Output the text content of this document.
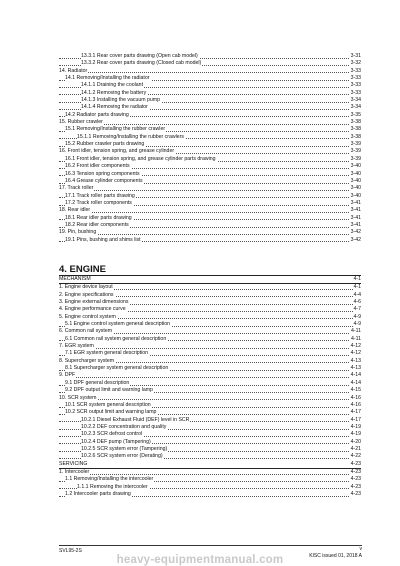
13.3.1 Rear cover parts drawing (Open cab model)	3-31
13.3.2 Rear cover parts drawing (Closed cab model)	3-32
14. Radiator	3-33
14.1 Removing/Installing the radiator	3-33
14.1.1 Draining the coolant	3-33
14.1.2 Removing the battery	3-33
14.1.3 Installing the vacuum pump	3-34
14.1.4 Removing the radiator	3-34
14.2 Radiator parts drawing	3-35
15. Rubber crawler	3-38
15.1 Removing/Installing the rubber crawler	3-38
15.1.1 Removing/Installing the rubber crawlers	3-38
15.2 Rubber crawler parts drawing	3-39
16. Front idler, tension spring, and grease cylinder	3-39
16.1 Front idler, tension spring, and grease cylinder parts drawing	3-39
16.2 Front idler components	3-40
16.3 Tension spring components	3-40
16.4 Grease cylinder components	3-40
17. Track roller	3-40
17.1 Track roller parts drawing	3-40
17.2 Track roller components	3-41
18. Rear idler	3-41
18.1 Rear idler parts drawing	3-41
18.2 Rear idler components	3-41
19. Pin, bushing	3-42
19.1 Pins, bushing and shims list	3-42
4. ENGINE
MECHANISM	4-1
1. Engine device layout	4-1
2. Engine specifications	4-4
3. Engine external dimensions	4-6
4. Engine performance curve	4-7
5. Engine control system	4-9
5.1 Engine control system general description	4-9
6. Common rail system	4-11
6.1 Common rail system general description	4-11
7. EGR system	4-12
7.1 EGR system general description	4-12
8. Supercharger system	4-13
8.1 Supercharger system general description	4-13
9. DPF	4-14
9.1 DPF general description	4-14
9.2 DPF output limit and warning lamp	4-15
10. SCR system	4-16
10.1 SCR system general description	4-16
10.2 SCR output limit and warning lamp	4-17
10.2.1 Diesel Exhaust Fluid (DEF) level in SCR	4-17
10.2.2 DEF concentration and quality	4-19
10.2.3 SCR defrost control	4-19
10.2.4 DEF pump (Tampering)	4-20
10.2.5 SCR system error (Tampering)	4-21
10.2.6 SCR system error (Derating)	4-22
SERVICING	4-23
1. Intercooler	4-23
1.1 Removing/Installing the intercooler	4-23
1.1.1 Removing the intercooler	4-23
1.2 Intercooler parts drawing	4-23
SVL95-2S	v
KISC issued 01, 2018 A
heavy-equipmentmanual.com
